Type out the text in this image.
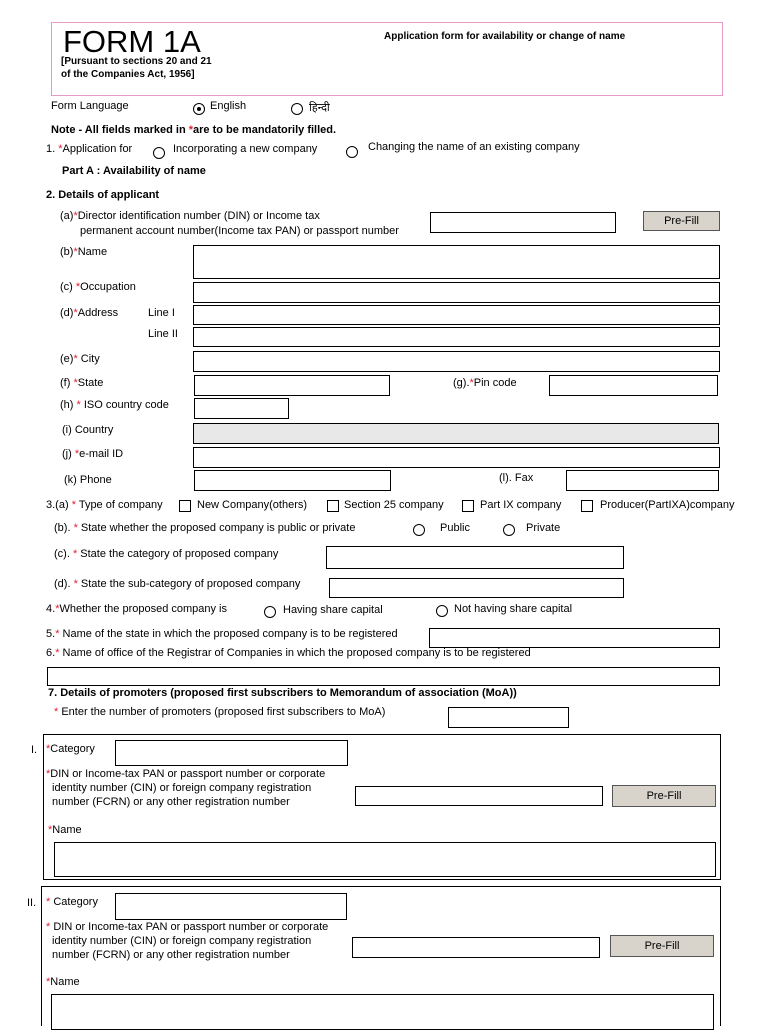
FORM 1A
[Pursuant to sections 20 and 21
of the Companies Act, 1956]
Application form for availability or change of name
Form Language	English	हिन्दी
Note - All fields marked in *are to be mandatorily filled.
1. *Application for	Incorporating a new company	Changing the name of an existing company
Part A : Availability of name
2. Details of applicant
(a)*Director identification number (DIN) or Income tax
permanent account number(Income tax PAN) or passport number
Pre-Fill
(b)*Name
(c) *Occupation
(d)*Address	Line I
Line II
(e)* City
(f) *State	(g).*Pin code
(h) * ISO country code
(i) Country
(j) *e-mail ID
(k) Phone	(l). Fax
3.(a) * Type of company	New Company(others)	Section 25 company	Part IX company	Producer(PartIXA)company
(b). * State whether the proposed company is public or private	Public	Private
(c). * State the category of proposed company
(d). * State the sub-category of proposed company
4.*Whether the proposed company is	Having share capital	Not having share capital
5.* Name of the state in which the proposed company is to be registered
6.* Name of office of the Registrar of Companies in which the proposed company is to be registered
7. Details of promoters (proposed first subscribers to Memorandum of association (MoA))
* Enter the number of promoters (proposed first subscribers to MoA)
I. *Category
*DIN or Income-tax PAN or passport number or corporate
identity number (CIN) or foreign company registration
number (FCRN) or any other registration number	Pre-Fill
*Name
II. * Category
* DIN or Income-tax PAN or passport number or corporate
identity number (CIN) or foreign company registration
number (FCRN) or any other registration number
Pre-Fill
*Name
